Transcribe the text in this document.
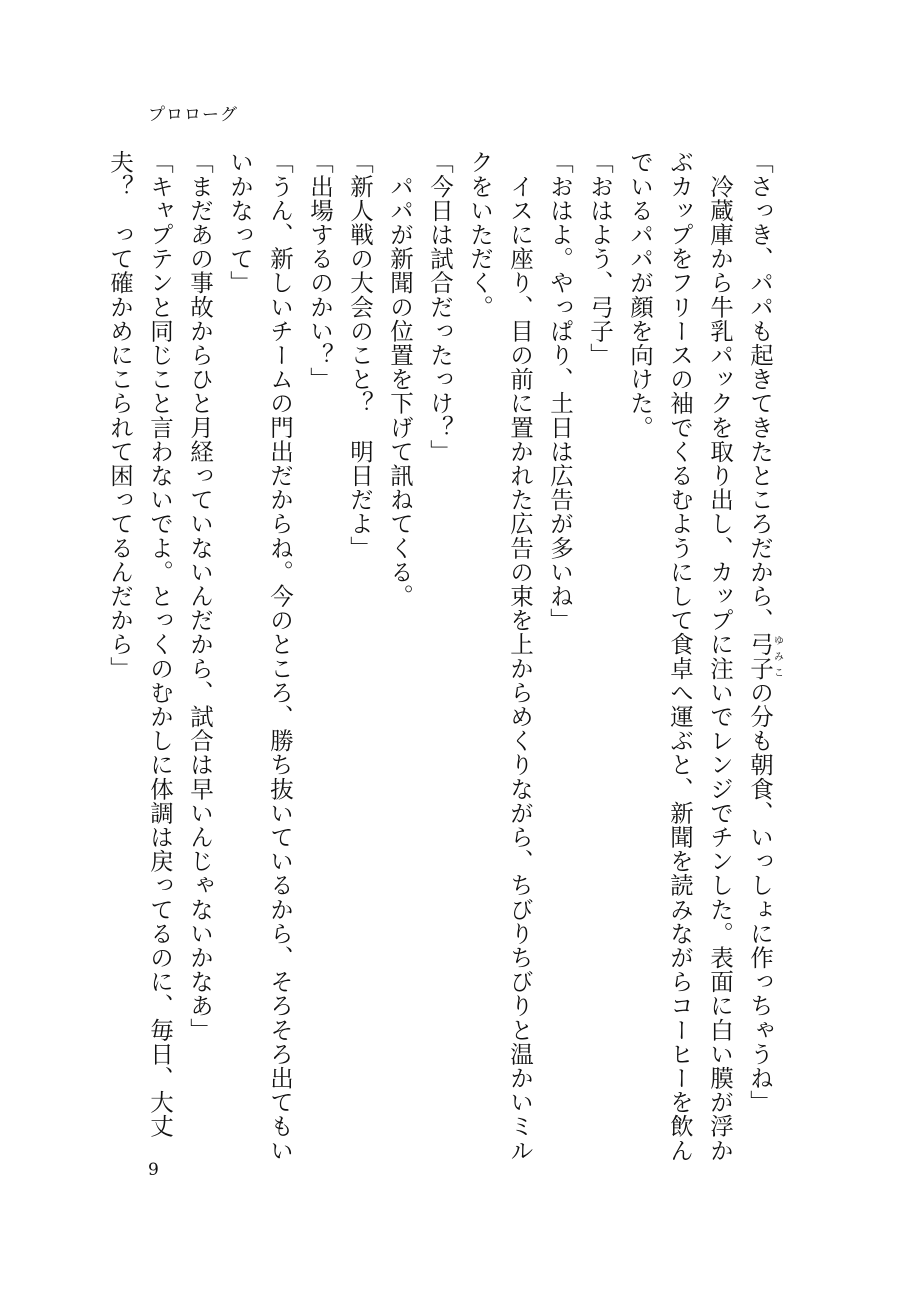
プロローグ
「さっき、パパも起きてきたところだから、弓子ゆみこの分も朝食、いっしょに作っちゃうね」
　冷蔵庫から牛乳パックを取り出し、カップに注いでレンジでチンした。表面に白い膜が浮か
ぶカップをフリースの袖でくるむようにして食卓へ運ぶと、新聞を読みながらコーヒーを飲ん
でいるパパが顔を向けた。
「おはよう、弓子」
「おはよ。やっぱり、土日は広告が多いね」
　イスに座り、目の前に置かれた広告の束を上からめくりながら、ちびりちびりと温かいミル
クをいただく。
「今日は試合だったっけ？」
　パパが新聞の位置を下げて訊ねてくる。
「新人戦の大会のこと？　明日だよ」
「出場するのかい？」
「うん、新しいチームの門出だからね。今のところ、勝ち抜いているから、そろそろ出てもい
いかなって」
「まだあの事故からひと月経っていないんだから、試合は早いんじゃないかなあ」
「キャプテンと同じこと言わないでよ。とっくのむかしに体調は戻ってるのに、毎日、大丈
夫？　って確かめにこられて困ってるんだから」
9
